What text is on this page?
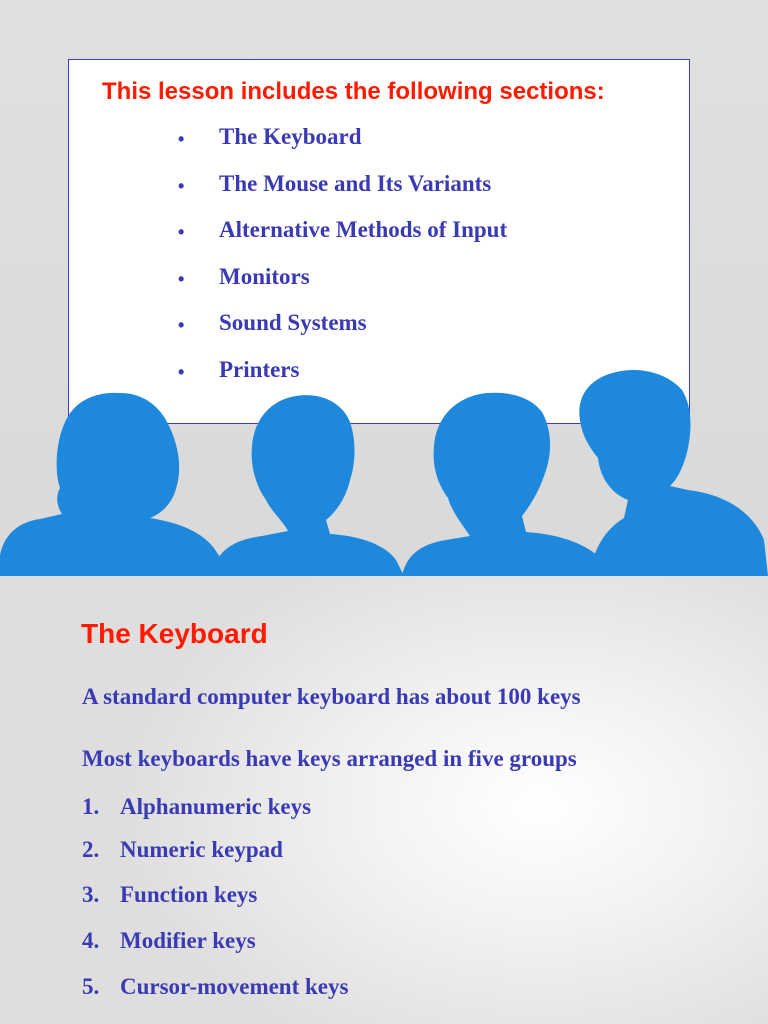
This lesson includes the following sections:
•	The Keyboard
•	The Mouse and Its Variants
•	Alternative Methods of Input
•	Monitors
•	Sound Systems
•	Printers
The Keyboard

A standard computer keyboard has about 100 keys

Most keyboards have keys arranged in five groups

1. Alphanumeric keys
2. Numeric keypad
3. Function keys
4. Modifier keys
5. Cursor-movement keys
